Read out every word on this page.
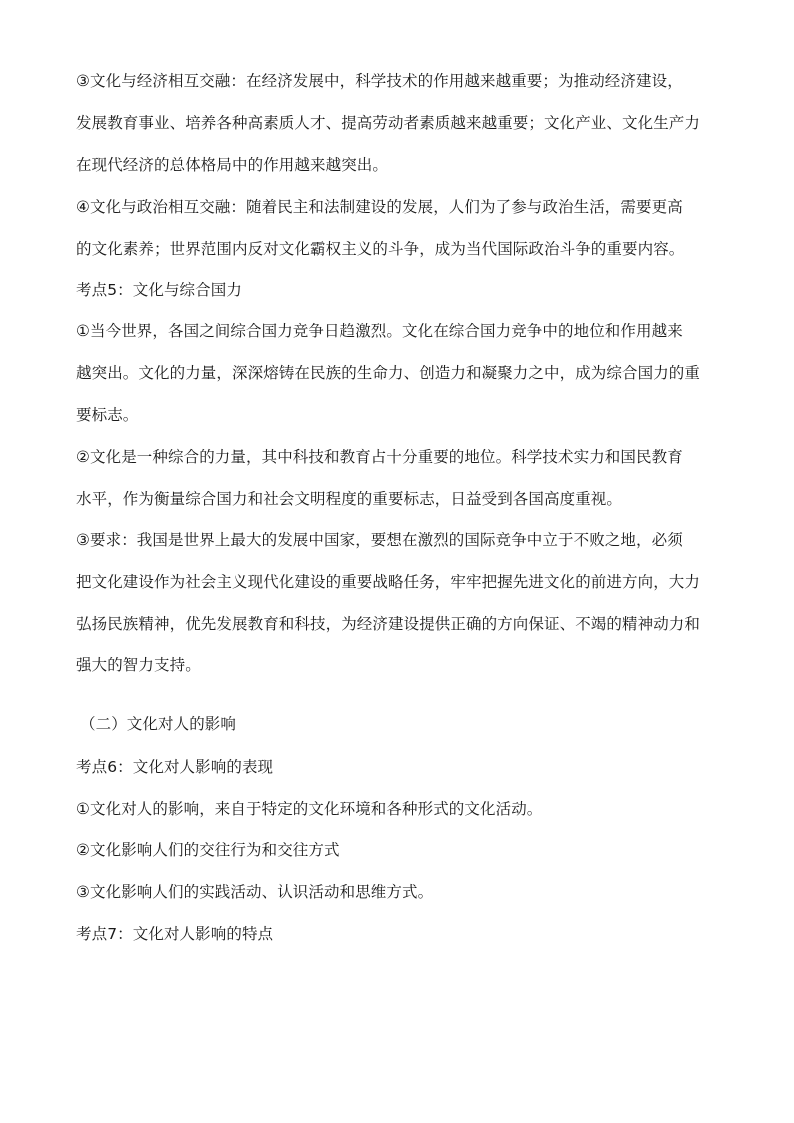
③文化与经济相互交融：在经济发展中，科学技术的作用越来越重要；为推动经济建设，
发展教育事业、培养各种高素质人才、提高劳动者素质越来越重要；文化产业、文化生产力
在现代经济的总体格局中的作用越来越突出。
④文化与政治相互交融：随着民主和法制建设的发展，人们为了参与政治生活，需要更高
的文化素养；世界范围内反对文化霸权主义的斗争，成为当代国际政治斗争的重要内容。
考点5：文化与综合国力
①当今世界，各国之间综合国力竞争日趋激烈。文化在综合国力竞争中的地位和作用越来
越突出。文化的力量，深深熔铸在民族的生命力、创造力和凝聚力之中，成为综合国力的重
要标志。
②文化是一种综合的力量，其中科技和教育占十分重要的地位。科学技术实力和国民教育
水平，作为衡量综合国力和社会文明程度的重要标志，日益受到各国高度重视。
③要求：我国是世界上最大的发展中国家，要想在激烈的国际竞争中立于不败之地，必须
把文化建设作为社会主义现代化建设的重要战略任务，牢牢把握先进文化的前进方向，大力
弘扬民族精神，优先发展教育和科技，为经济建设提供正确的方向保证、不竭的精神动力和
强大的智力支持。
（二）文化对人的影响
考点6：文化对人影响的表现
①文化对人的影响，来自于特定的文化环境和各种形式的文化活动。
②文化影响人们的交往行为和交往方式
③文化影响人们的实践活动、认识活动和思维方式。
考点7：文化对人影响的特点
